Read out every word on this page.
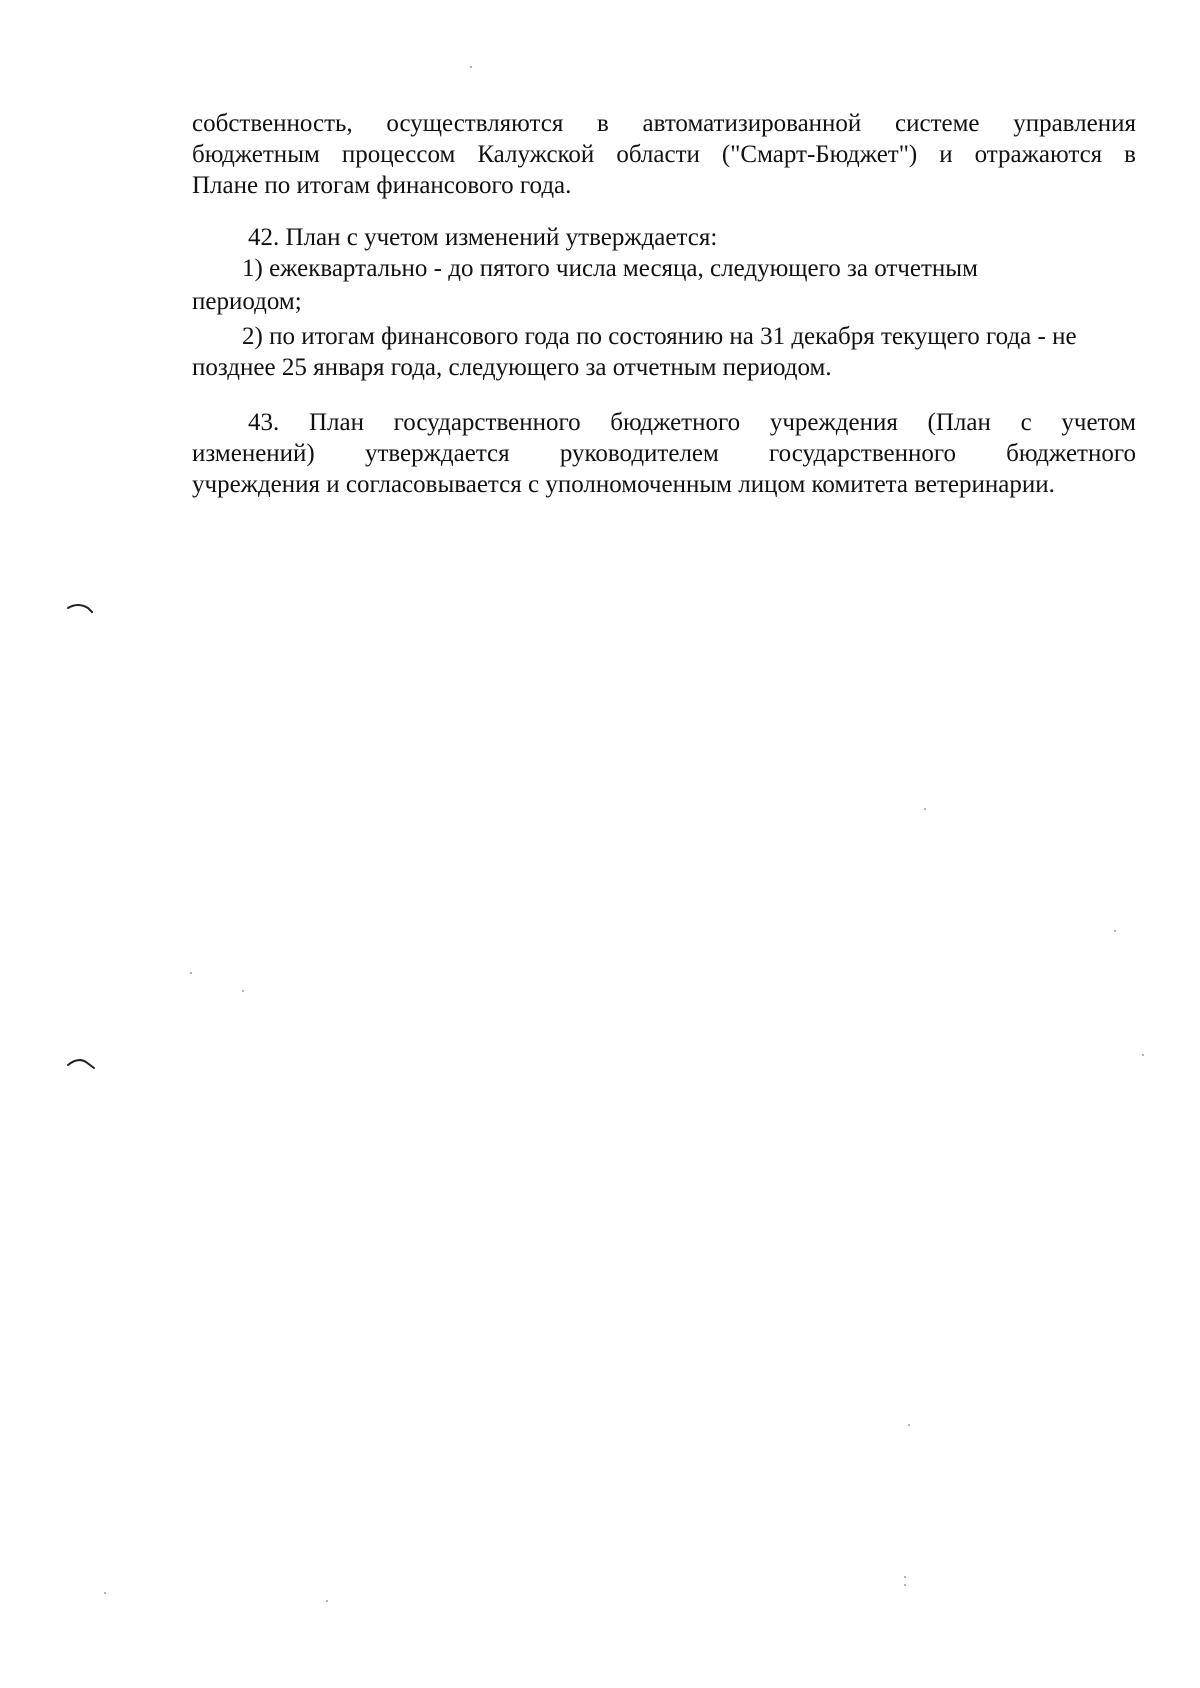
собственность, осуществляются в автоматизированной системе управления
бюджетным процессом Калужской области ("Смарт-Бюджет") и отражаются в
Плане по итогам финансового года.
42. План с учетом изменений утверждается:
1) ежеквартально - до пятого числа месяца, следующего за отчетным
периодом;
2) по итогам финансового года по состоянию на 31 декабря текущего года - не
позднее 25 января года, следующего за отчетным периодом.
43. План государственного бюджетного учреждения (План с учетом
изменений) утверждается руководителем государственного бюджетного
учреждения и согласовывается с уполномоченным лицом комитета ветеринарии.
